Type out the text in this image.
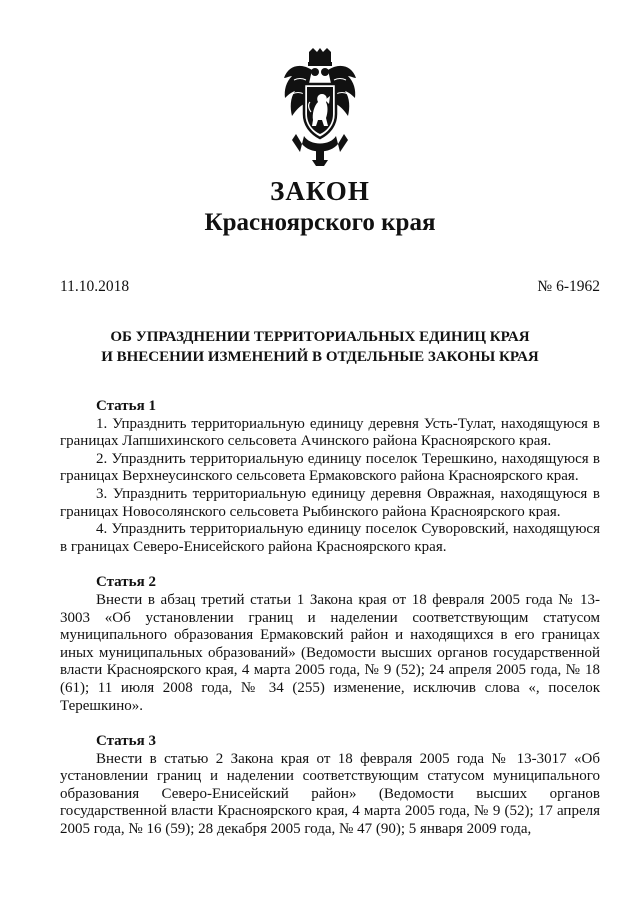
ЗАКОН
Красноярского края
11.10.2018	№ 6-1962
ОБ УПРАЗДНЕНИИ ТЕРРИТОРИАЛЬНЫХ ЕДИНИЦ КРАЯ
И ВНЕСЕНИИ ИЗМЕНЕНИЙ В ОТДЕЛЬНЫЕ ЗАКОНЫ КРАЯ
Статья 1

1. Упразднить территориальную единицу деревня Усть-Тулат, находящуюся в границах Лапшихинского сельсовета Ачинского района Красноярского края.

2. Упразднить территориальную единицу поселок Терешкино, находящуюся в границах Верхнеусинского сельсовета Ермаковского района Красноярского края.

3. Упразднить территориальную единицу деревня Овражная, находящуюся в границах Новосолянского сельсовета Рыбинского района Красноярского края.

4. Упразднить территориальную единицу поселок Суворовский, находящуюся в границах Северо-Енисейского района Красноярского края.

Статья 2

Внести в абзац третий статьи 1 Закона края от 18 февраля 2005 года № 13-3003 «Об установлении границ и наделении соответствующим статусом муниципального образования Ермаковский район и находящихся в его границах иных муниципальных образований» (Ведомости высших органов государственной власти Красноярского края, 4 марта 2005 года, № 9 (52); 24 апреля 2005 года, № 18 (61); 11 июля 2008 года, № 34 (255) изменение, исключив слова «, поселок Терешкино».

Статья 3

Внести в статью 2 Закона края от 18 февраля 2005 года № 13-3017 «Об установлении границ и наделении соответствующим статусом муниципального образования Северо-Енисейский район» (Ведомости высших органов государственной власти Красноярского края, 4 марта 2005 года, № 9 (52); 17 апреля 2005 года, № 16 (59); 28 декабря 2005 года, № 47 (90); 5 января 2009 года,
